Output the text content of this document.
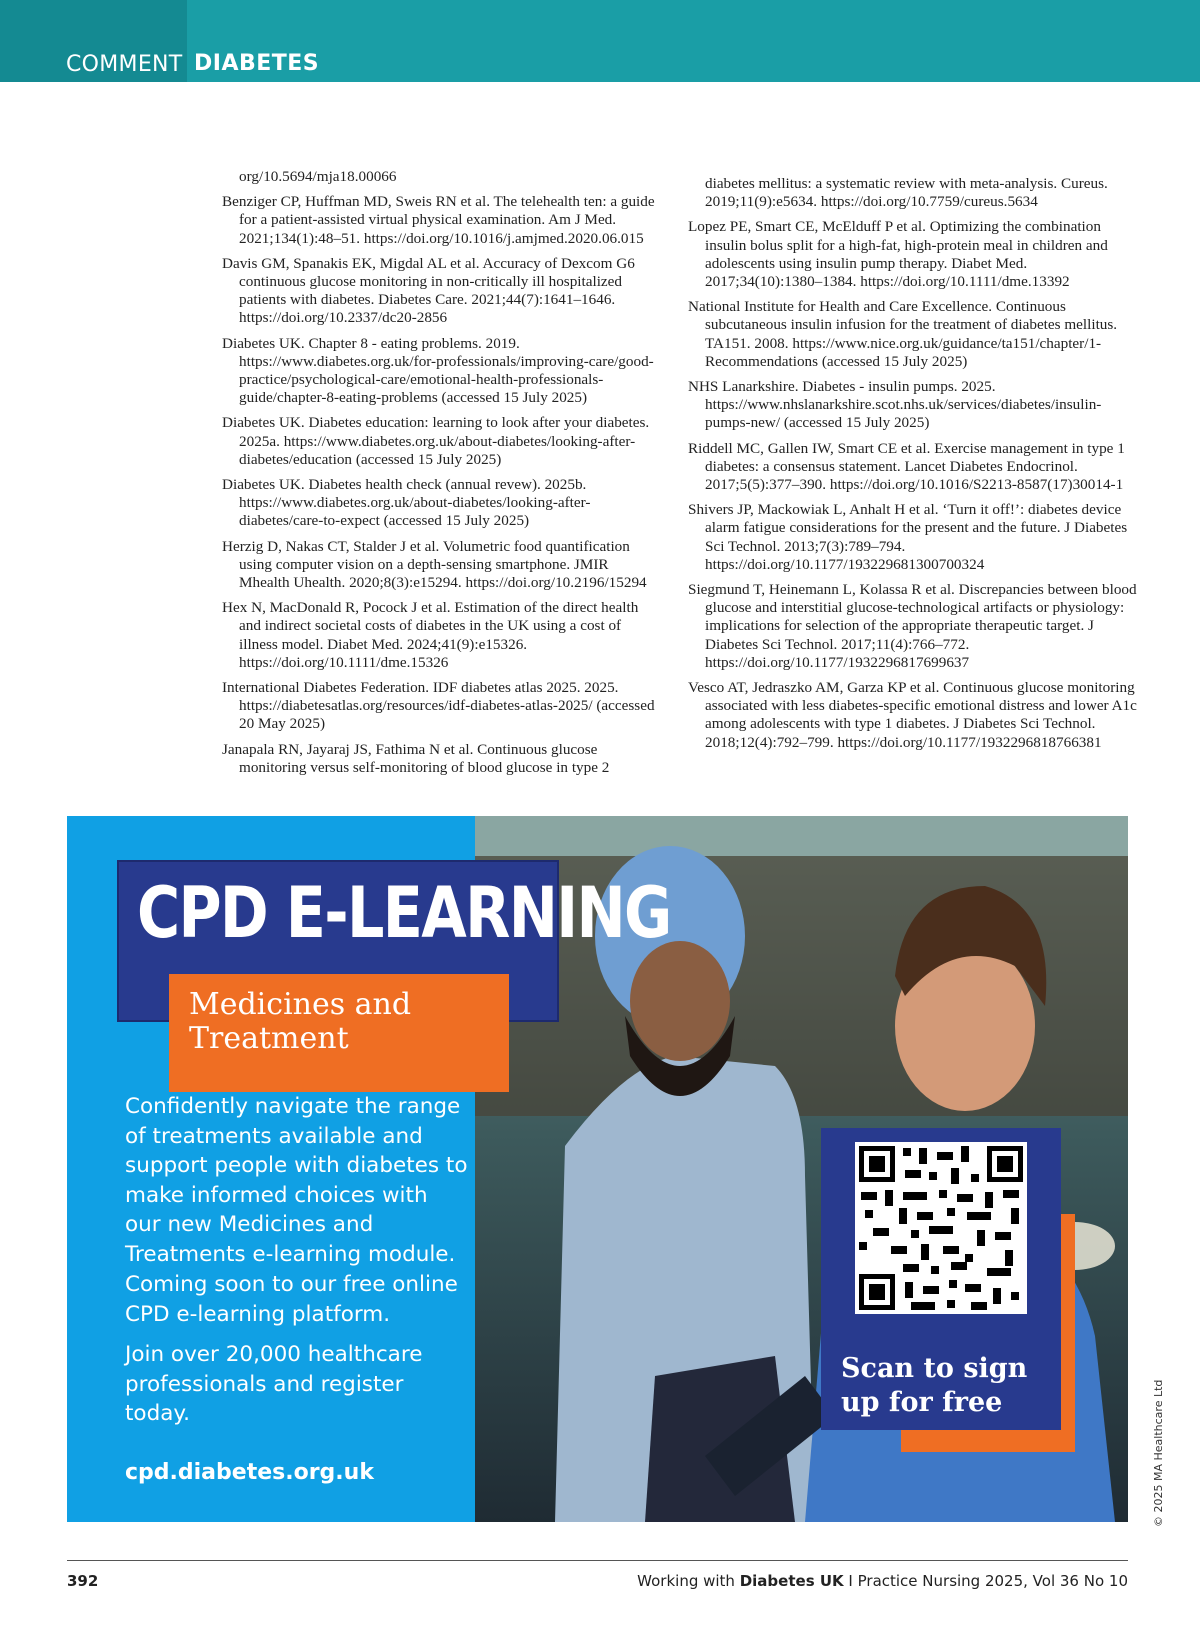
COMMENT DIABETES

org/10.5694/mja18.00066

Benziger CP, Huffman MD, Sweis RN et al. The telehealth ten: a guide for a patient-assisted virtual physical examination. Am J Med. 2021;134(1):48–51. https://doi.org/10.1016/j.amjmed.2020.06.015

Davis GM, Spanakis EK, Migdal AL et al. Accuracy of Dexcom G6 continuous glucose monitoring in non-critically ill hospitalized patients with diabetes. Diabetes Care. 2021;44(7):1641–1646. https://doi.org/10.2337/dc20-2856

Diabetes UK. Chapter 8 - eating problems. 2019. https://www.diabetes.org.uk/for-professionals/improving-care/good-practice/psychological-care/emotional-health-professionals-guide/chapter-8-eating-problems (accessed 15 July 2025)

Diabetes UK. Diabetes education: learning to look after your diabetes. 2025a. https://www.diabetes.org.uk/about-diabetes/looking-after-diabetes/education (accessed 15 July 2025)

Diabetes UK. Diabetes health check (annual revew). 2025b. https://www.diabetes.org.uk/about-diabetes/looking-after-diabetes/care-to-expect (accessed 15 July 2025)

Herzig D, Nakas CT, Stalder J et al. Volumetric food quantification using computer vision on a depth-sensing smartphone. JMIR Mhealth Uhealth. 2020;8(3):e15294. https://doi.org/10.2196/15294

Hex N, MacDonald R, Pocock J et al. Estimation of the direct health and indirect societal costs of diabetes in the UK using a cost of illness model. Diabet Med. 2024;41(9):e15326. https://doi.org/10.1111/dme.15326

International Diabetes Federation. IDF diabetes atlas 2025. 2025. https://diabetesatlas.org/resources/idf-diabetes-atlas-2025/ (accessed 20 May 2025)

Janapala RN, Jayaraj JS, Fathima N et al. Continuous glucose monitoring versus self-monitoring of blood glucose in type 2

diabetes mellitus: a systematic review with meta-analysis. Cureus. 2019;11(9):e5634. https://doi.org/10.7759/cureus.5634

Lopez PE, Smart CE, McElduff P et al. Optimizing the combination insulin bolus split for a high-fat, high-protein meal in children and adolescents using insulin pump therapy. Diabet Med. 2017;34(10):1380–1384. https://doi.org/10.1111/dme.13392

National Institute for Health and Care Excellence. Continuous subcutaneous insulin infusion for the treatment of diabetes mellitus. TA151. 2008. https://www.nice.org.uk/guidance/ta151/chapter/1-Recommendations (accessed 15 July 2025)

NHS Lanarkshire. Diabetes - insulin pumps. 2025. https://www.nhslanarkshire.scot.nhs.uk/services/diabetes/insulin-pumps-new/ (accessed 15 July 2025)

Riddell MC, Gallen IW, Smart CE et al. Exercise management in type 1 diabetes: a consensus statement. Lancet Diabetes Endocrinol. 2017;5(5):377–390. https://doi.org/10.1016/S2213-8587(17)30014-1

Shivers JP, Mackowiak L, Anhalt H et al. ‘Turn it off!’: diabetes device alarm fatigue considerations for the present and the future. J Diabetes Sci Technol. 2013;7(3):789–794. https://doi.org/10.1177/193229681300700324

Siegmund T, Heinemann L, Kolassa R et al. Discrepancies between blood glucose and interstitial glucose-technological artifacts or physiology: implications for selection of the appropriate therapeutic target. J Diabetes Sci Technol. 2017;11(4):766–772. https://doi.org/10.1177/1932296817699637

Vesco AT, Jedraszko AM, Garza KP et al. Continuous glucose monitoring associated with less diabetes-specific emotional distress and lower A1c among adolescents with type 1 diabetes. J Diabetes Sci Technol. 2018;12(4):792–799. https://doi.org/10.1177/1932296818766381

CPD E-LEARNING
Medicines and Treatment

Confidently navigate the range of treatments available and support people with diabetes to make informed choices with our new Medicines and Treatments e-learning module.

Coming soon to our free online CPD e-learning platform.

Join over 20,000 healthcare professionals and register today.

cpd.diabetes.org.uk
Scan to sign up for free	© 2025 MA Healthcare Ltd
392	Working with Diabetes UK I Practice Nursing 2025, Vol 36 No 10
